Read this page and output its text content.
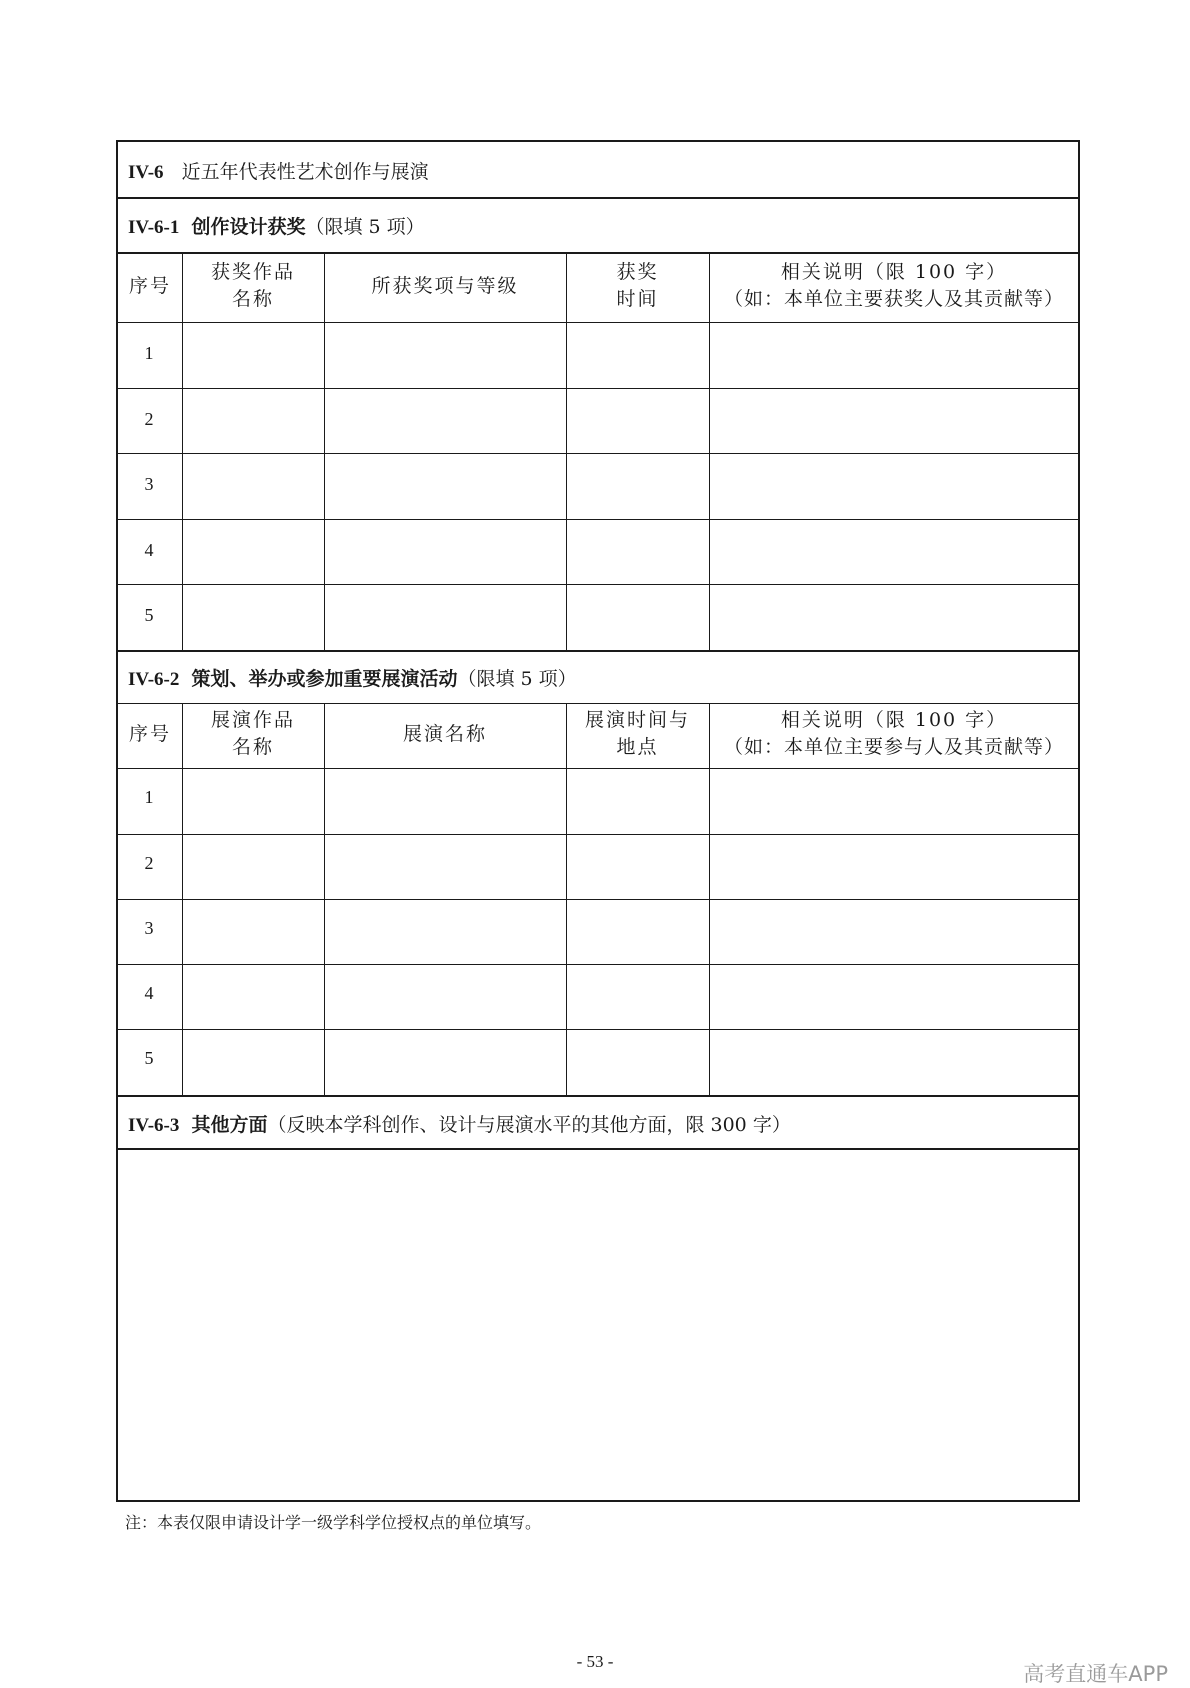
IV-6 近五年代表性艺术创作与展演
IV-6-1 创作设计获奖（限填 5 项）
序号
获奖作品
名称
所获奖项与等级
获奖
时间
相关说明（限 100 字）
（如：本单位主要获奖人及其贡献等）
1
2
3
4
5
IV-6-2 策划、举办或参加重要展演活动（限填 5 项）
序号
展演作品
名称
展演名称
展演时间与
地点
相关说明（限 100 字）
（如：本单位主要参与人及其贡献等）
1
2
3
4
5
IV-6-3 其他方面（反映本学科创作、设计与展演水平的其他方面，限 300 字）
注：本表仅限申请设计学一级学科学位授权点的单位填写。
- 53 -
高考直通车APP
